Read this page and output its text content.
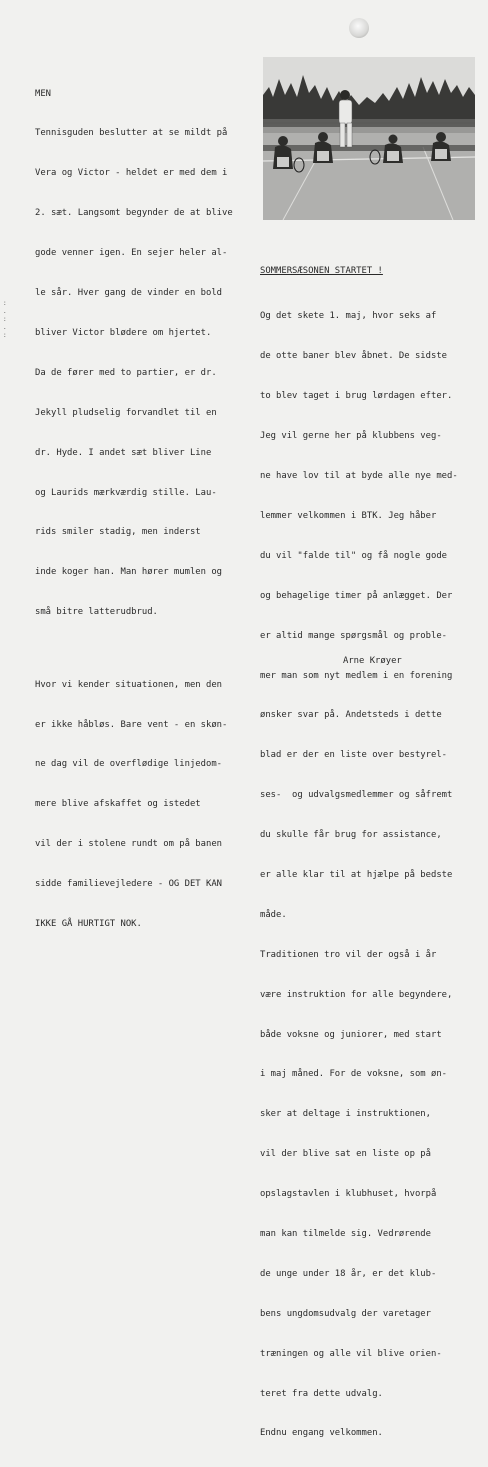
:
.
:
.
:

MEN

Tennisguden beslutter at se mildt på

Vera og Victor - heldet er med dem i

2. sæt. Langsomt begynder de at blive

gode venner igen. En sejer heler al-

le sår. Hver gang de vinder en bold

bliver Victor blødere om hjertet.

Da de fører med to partier, er dr.

Jekyll pludselig forvandlet til en

dr. Hyde. I andet sæt bliver Line

og Laurids mærkværdig stille. Lau-

rids smiler stadig, men inderst

inde koger han. Man hører mumlen og

små bitre latterudbrud.

Hvor vi kender situationen, men den

er ikke håbløs. Bare vent - en skøn-

ne dag vil de overflødige linjedom-

mere blive afskaffet og istedet

vil der i stolene rundt om på banen

sidde familievejledere - OG DET KAN

IKKE GÅ HURTIGT NOK.

SOMMERSÆSONEN STARTET !

Og det skete 1. maj, hvor seks af

de otte baner blev åbnet. De sidste

to blev taget i brug lørdagen efter.

Jeg vil gerne her på klubbens veg-

ne have lov til at byde alle nye med-

lemmer velkommen i BTK. Jeg håber

du vil "falde til" og få nogle gode

og behagelige timer på anlægget. Der

er altid mange spørgsmål og proble-

mer man som nyt medlem i en forening

ønsker svar på. Andetsteds i dette

blad er der en liste over bestyrel-

ses-  og udvalgsmedlemmer og såfremt

du skulle får brug for assistance,

er alle klar til at hjælpe på bedste

måde.

Traditionen tro vil der også i år

være instruktion for alle begyndere,

både voksne og juniorer, med start

i maj måned. For de voksne, som øn-

sker at deltage i instruktionen,

vil der blive sat en liste op på

opslagstavlen i klubhuset, hvorpå

man kan tilmelde sig. Vedrørende

de unge under 18 år, er det klub-

bens ungdomsudvalg der varetager

træningen og alle vil blive orien-

teret fra dette udvalg.

Endnu engang velkommen.

Arne Krøyer
